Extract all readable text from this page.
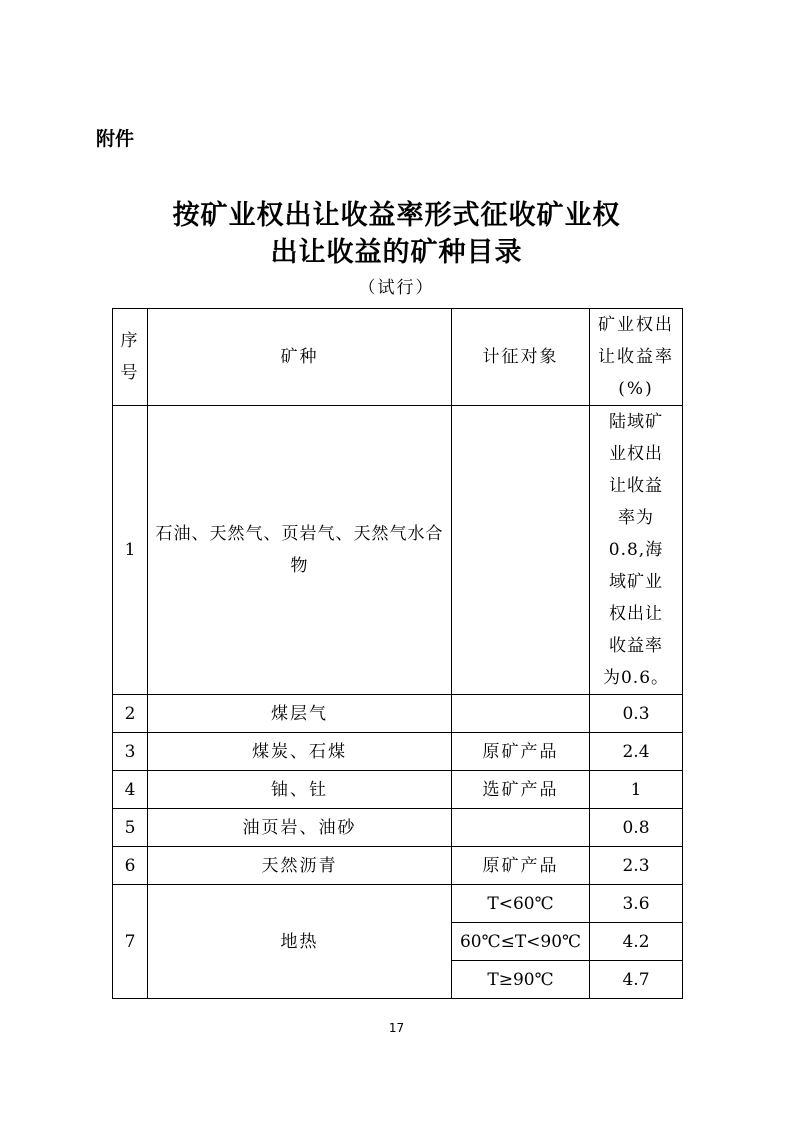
附件
按矿业权出让收益率形式征收矿业权
出让收益的矿种目录
（试行）
序号	矿种	计征对象	矿业权出让收益率(%)

1	石油、天然气、页岩气、天然气水合物		陆域矿业权出让收益率为0.8,海域矿业权出让收益率为0.6。

2	煤层气		0.3
3	煤炭、石煤	原矿产品	2.4
4	铀、钍	选矿产品	1
5	油页岩、油砂		0.8
6	天然沥青	原矿产品	2.3
7	地热	T<60℃	3.6
		60℃≤T<90℃	4.2
		T≥90℃	4.7
17
